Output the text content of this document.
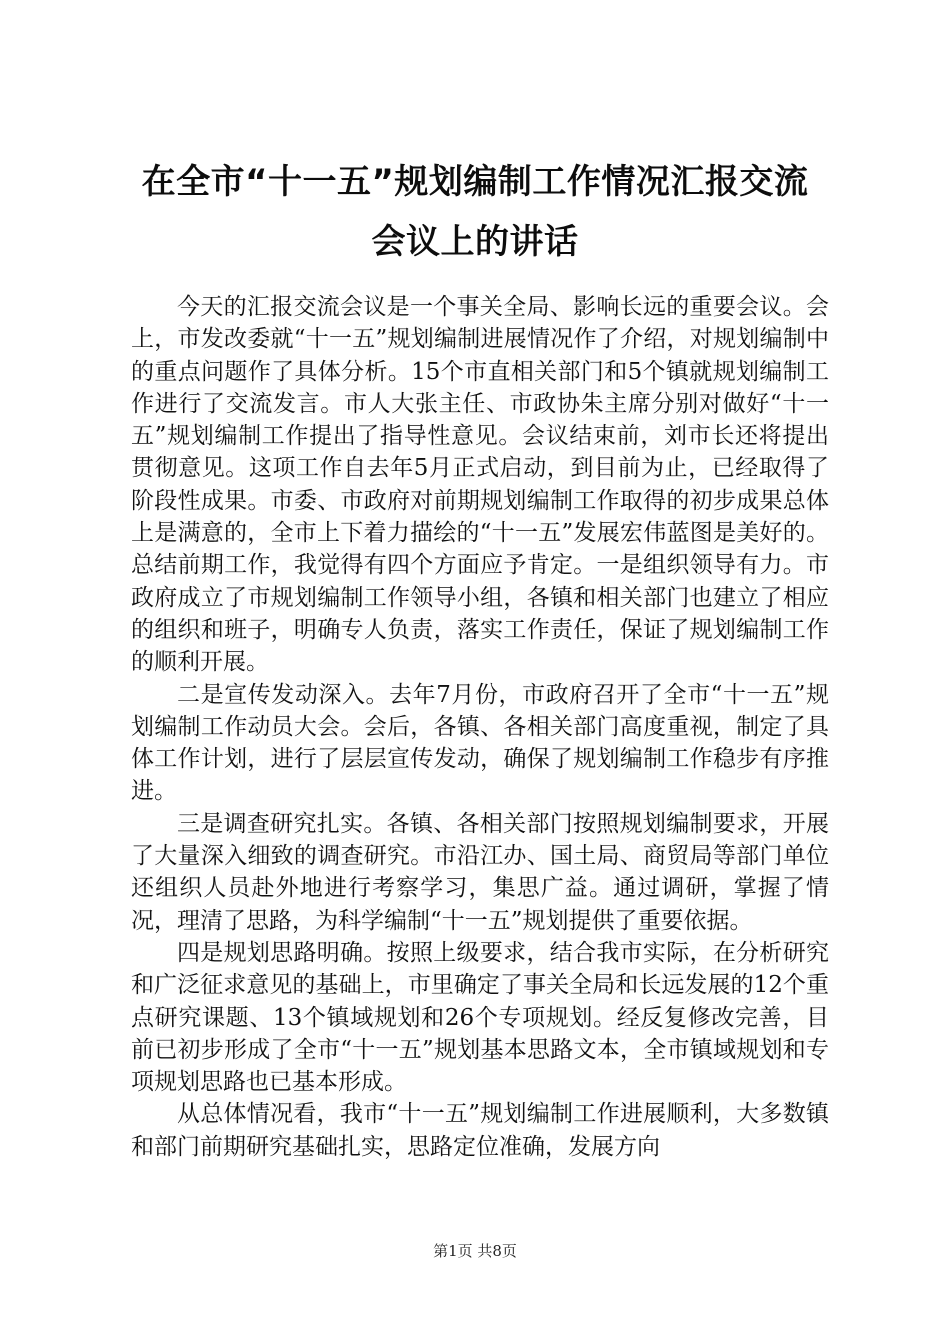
在全市“十一五”规划编制工作情况汇报交流
会议上的讲话

今天的汇报交流会议是一个事关全局、影响长远的重要会议。会上，市发改委就“十一五”规划编制进展情况作了介绍，对规划编制中的重点问题作了具体分析。15个市直相关部门和5个镇就规划编制工作进行了交流发言。市人大张主任、市政协朱主席分别对做好“十一五”规划编制工作提出了指导性意见。会议结束前，刘市长还将提出贯彻意见。这项工作自去年5月正式启动，到目前为止，已经取得了阶段性成果。市委、市政府对前期规划编制工作取得的初步成果总体上是满意的，全市上下着力描绘的“十一五”发展宏伟蓝图是美好的。总结前期工作，我觉得有四个方面应予肯定。一是组织领导有力。市政府成立了市规划编制工作领导小组，各镇和相关部门也建立了相应的组织和班子，明确专人负责，落实工作责任，保证了规划编制工作的顺利开展。

二是宣传发动深入。去年7月份，市政府召开了全市“十一五”规划编制工作动员大会。会后，各镇、各相关部门高度重视，制定了具体工作计划，进行了层层宣传发动，确保了规划编制工作稳步有序推进。

三是调查研究扎实。各镇、各相关部门按照规划编制要求，开展了大量深入细致的调查研究。市沿江办、国土局、商贸局等部门单位还组织人员赴外地进行考察学习，集思广益。通过调研，掌握了情况，理清了思路，为科学编制“十一五”规划提供了重要依据。

四是规划思路明确。按照上级要求，结合我市实际，在分析研究和广泛征求意见的基础上，市里确定了事关全局和长远发展的12个重点研究课题、13个镇域规划和26个专项规划。经反复修改完善，目前已初步形成了全市“十一五”规划基本思路文本，全市镇域规划和专项规划思路也已基本形成。

从总体情况看，我市“十一五”规划编制工作进展顺利，大多数镇和部门前期研究基础扎实，思路定位准确，发展方向

第1页 共8页
